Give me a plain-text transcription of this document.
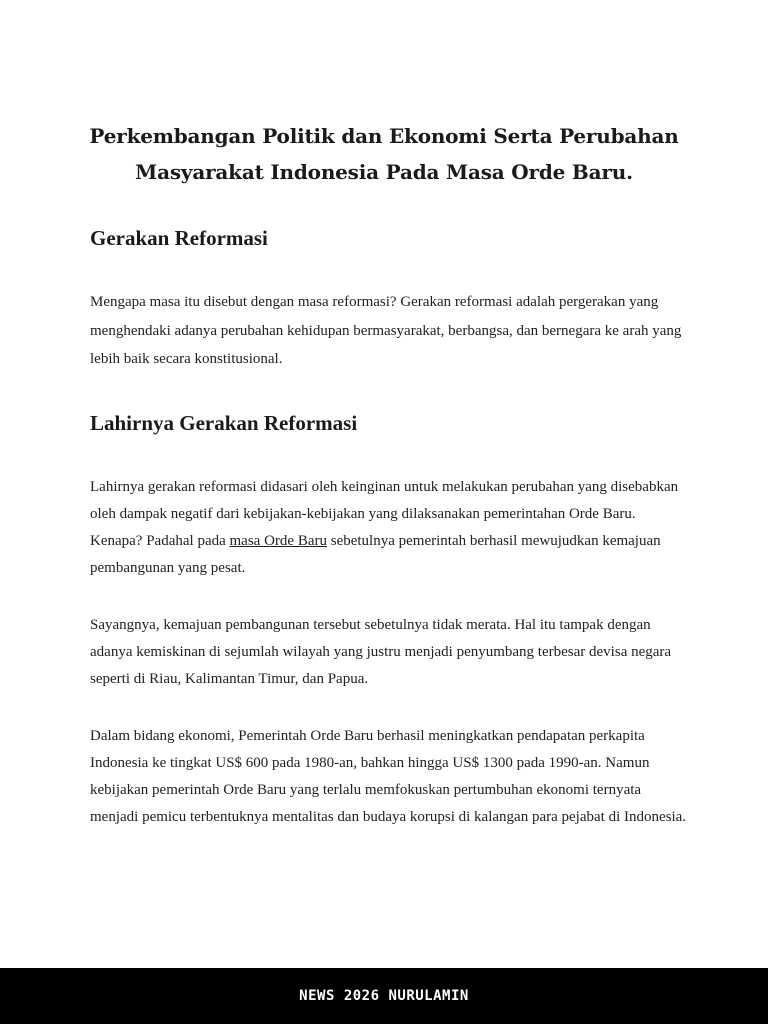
Perkembangan Politik dan Ekonomi Serta Perubahan Masyarakat Indonesia Pada Masa Orde Baru.
Gerakan Reformasi

Mengapa masa itu disebut dengan masa reformasi? Gerakan reformasi adalah pergerakan yang menghendaki adanya perubahan kehidupan bermasyarakat, berbangsa, dan bernegara ke arah yang lebih baik secara konstitusional.

Lahirnya Gerakan Reformasi

Lahirnya gerakan reformasi didasari oleh keinginan untuk melakukan perubahan yang disebabkan oleh dampak negatif dari kebijakan-kebijakan yang dilaksanakan pemerintahan Orde Baru. Kenapa? Padahal pada masa Orde Baru sebetulnya pemerintah berhasil mewujudkan kemajuan pembangunan yang pesat.

Sayangnya, kemajuan pembangunan tersebut sebetulnya tidak merata. Hal itu tampak dengan adanya kemiskinan di sejumlah wilayah yang justru menjadi penyumbang terbesar devisa negara seperti di Riau, Kalimantan Timur, dan Papua.

Dalam bidang ekonomi, Pemerintah Orde Baru berhasil meningkatkan pendapatan perkapita Indonesia ke tingkat US$ 600 pada 1980-an, bahkan hingga US$ 1300 pada 1990-an. Namun kebijakan pemerintah Orde Baru yang terlalu memfokuskan pertumbuhan ekonomi ternyata menjadi pemicu terbentuknya mentalitas dan budaya korupsi di kalangan para pejabat di Indonesia.

NEWS 2026 NURULAMIN
